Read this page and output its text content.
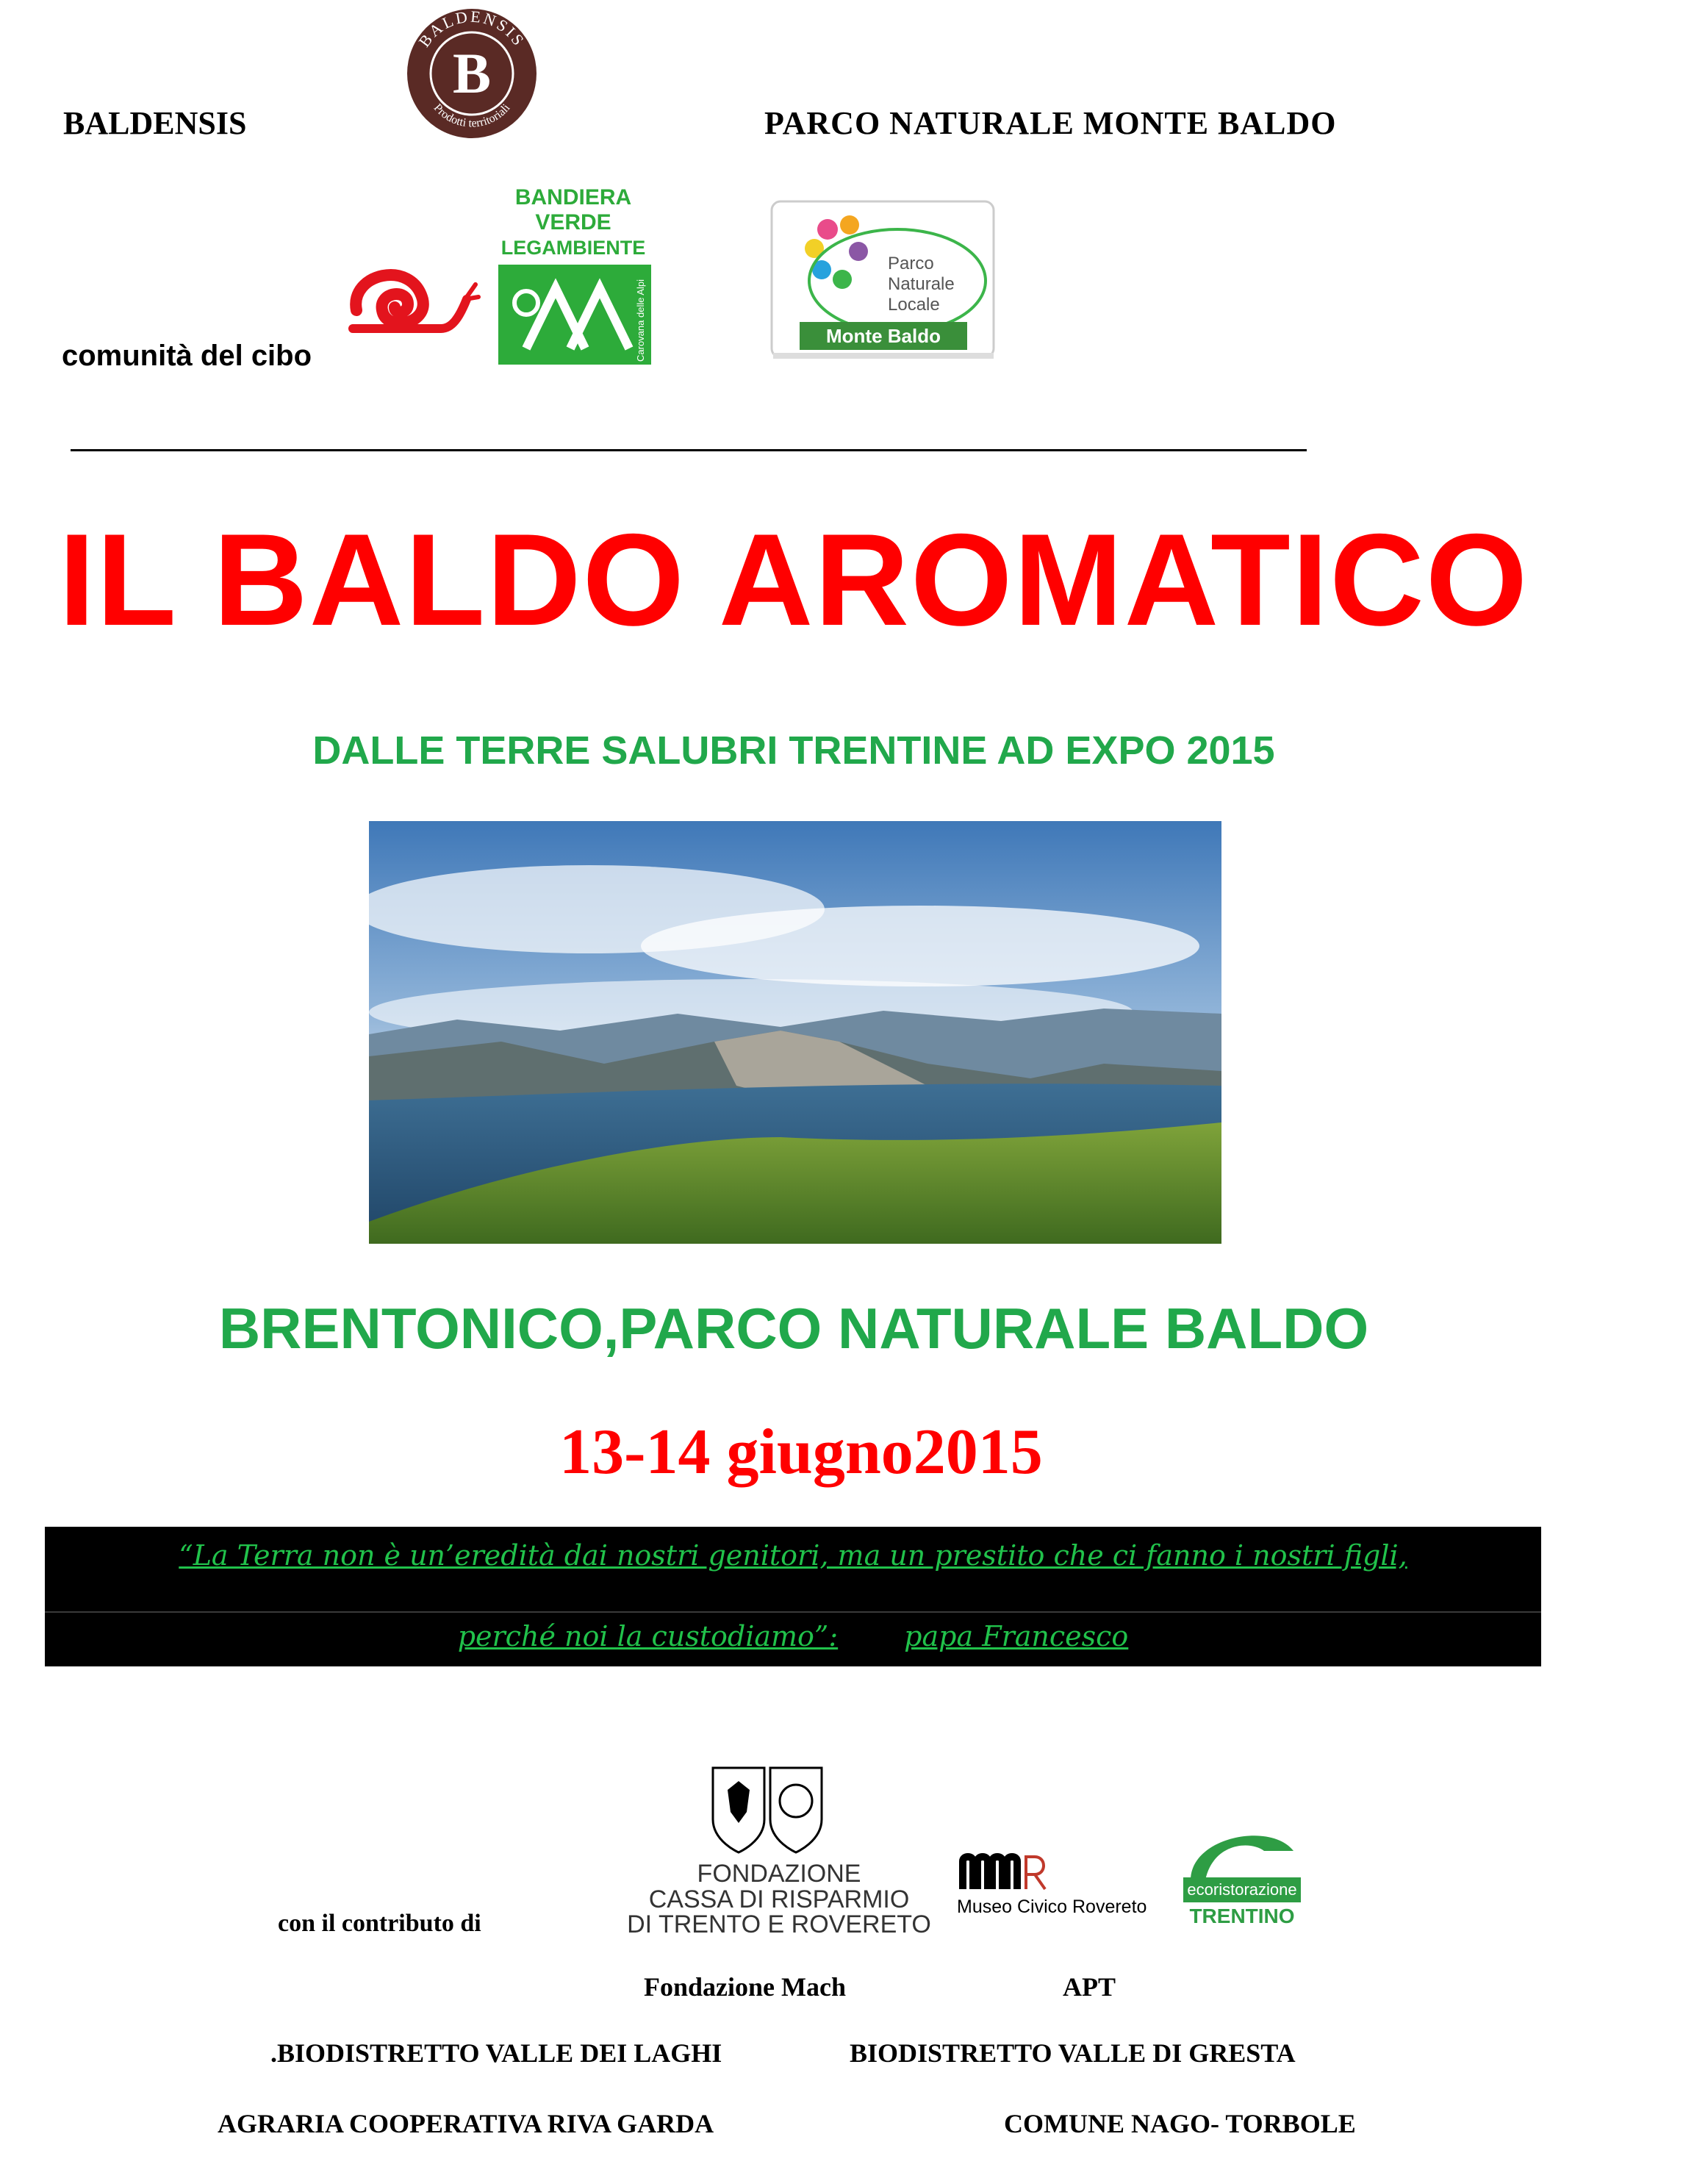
BALDENSIS
B
BALDENSIS
Prodotti territoriali	PARCO NATURALE MONTE BALDO
comunità del cibo
BANDIERA
VERDE
LEGAMBIENTE
Carovana delle Alpi
Parco
Naturale
Locale
Monte Baldo
IL BALDO AROMATICO
DALLE TERRE SALUBRI TRENTINE AD EXPO 2015
BRENTONICO,PARCO NATURALE BALDO
13-14 giugno2015
“La Terra non è un’eredità dai nostri genitori, ma un prestito che ci fanno i nostri figli,
perché noi la custodiamo”: papa Francesco
con il contributo di
FONDAZIONE
CASSA DI RISPARMIO
DI TRENTO E ROVERETO
Museo Civico Rovereto
ecoristorazione
TRENTINO
Fondazione Mach	APT
.BIODISTRETTO VALLE DEI LAGHI	BIODISTRETTO VALLE DI GRESTA
AGRARIA COOPERATIVA RIVA GARDA	COMUNE NAGO- TORBOLE
